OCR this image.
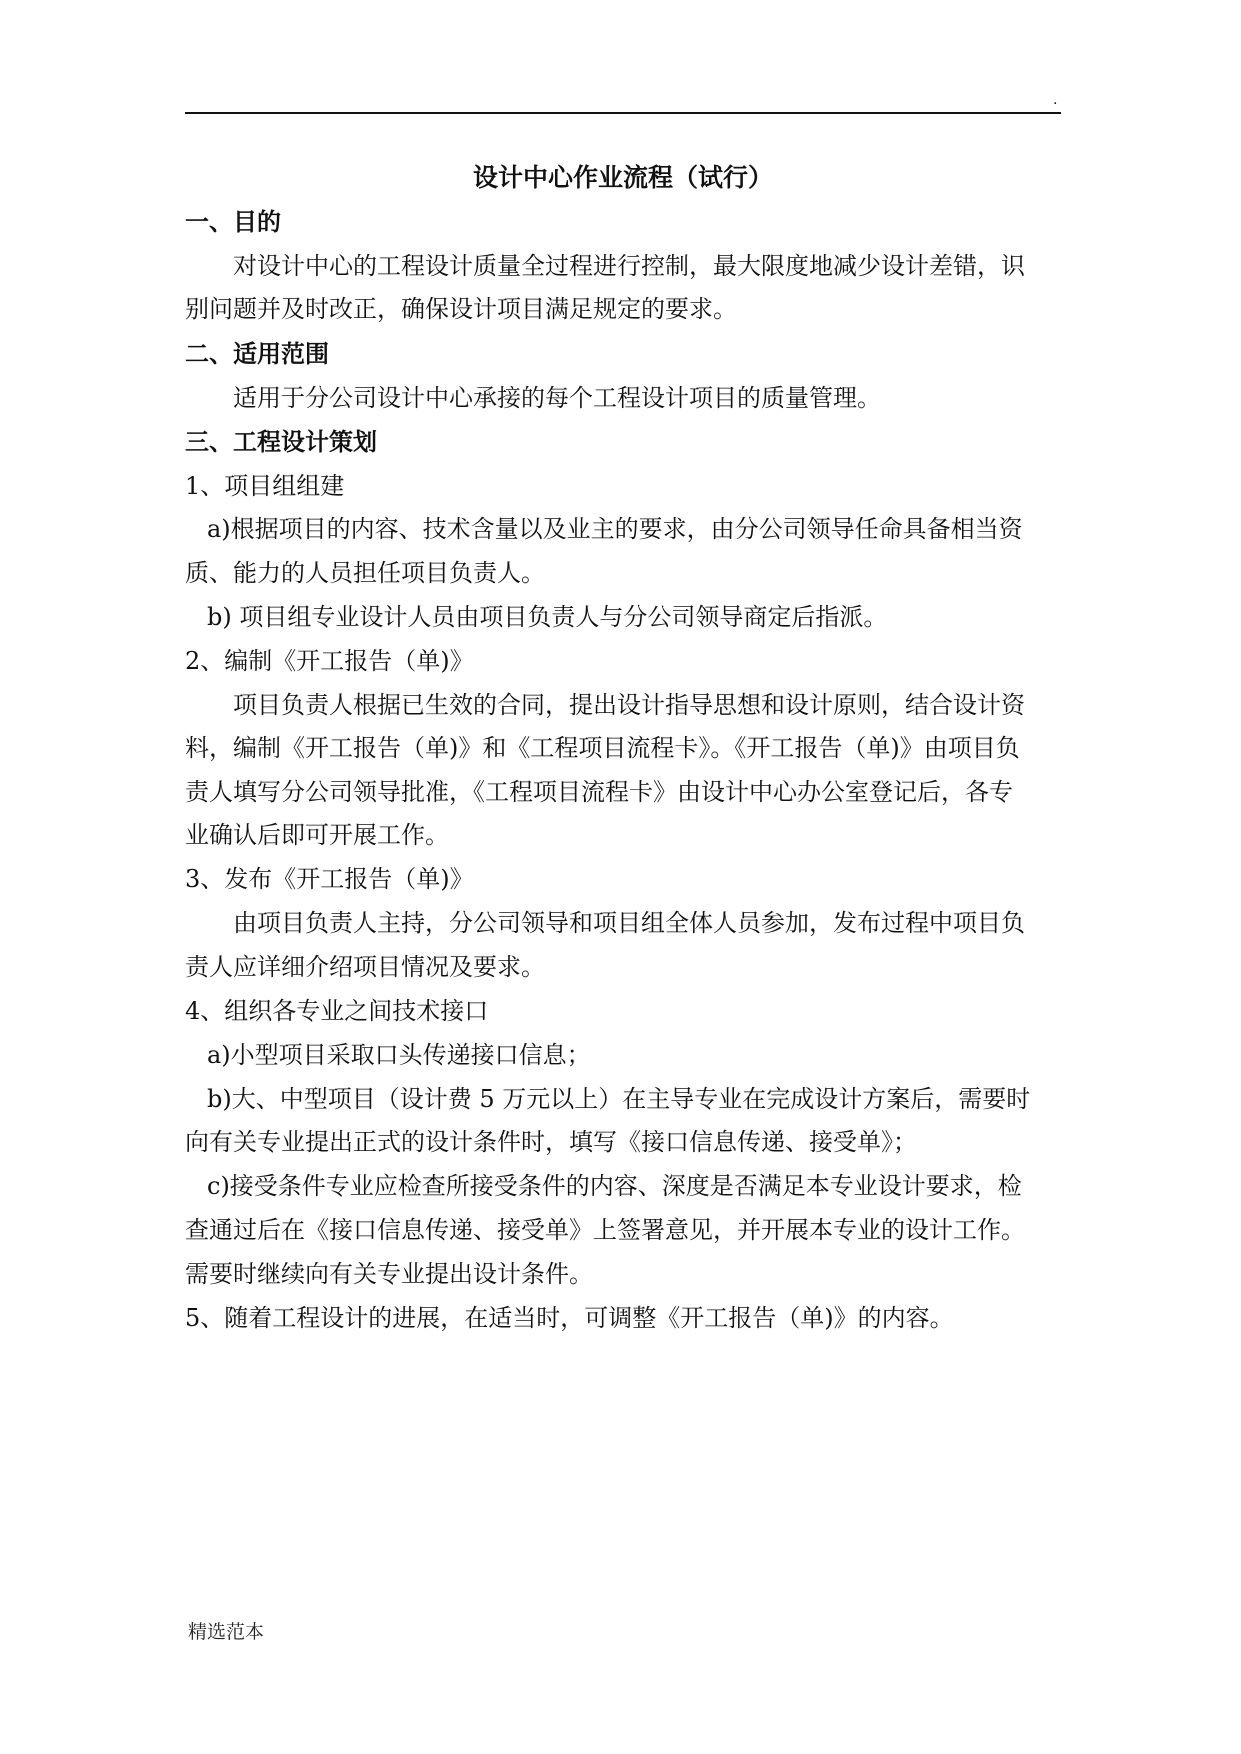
.
设计中心作业流程（试行）

一、目的

对设计中心的工程设计质量全过程进行控制，最大限度地减少设计差错，识

别问题并及时改正，确保设计项目满足规定的要求。

二、适用范围

适用于分公司设计中心承接的每个工程设计项目的质量管理。

三、工程设计策划

1、项目组组建

a)根据项目的内容、技术含量以及业主的要求，由分公司领导任命具备相当资

质、能力的人员担任项目负责人。

b) 项目组专业设计人员由项目负责人与分公司领导商定后指派。

2、编制《开工报告（单)》

项目负责人根据已生效的合同，提出设计指导思想和设计原则，结合设计资

料，编制《开工报告（单)》和《工程项目流程卡》。《开工报告（单)》由项目负

责人填写分公司领导批准，《工程项目流程卡》由设计中心办公室登记后，各专

业确认后即可开展工作。

3、发布《开工报告（单)》

由项目负责人主持，分公司领导和项目组全体人员参加，发布过程中项目负

责人应详细介绍项目情况及要求。

4、组织各专业之间技术接口

a)小型项目采取口头传递接口信息；

b)大、中型项目（设计费 5 万元以上）在主导专业在完成设计方案后，需要时

向有关专业提出正式的设计条件时，填写《接口信息传递、接受单》；

c)接受条件专业应检查所接受条件的内容、深度是否满足本专业设计要求，检

查通过后在《接口信息传递、接受单》上签署意见，并开展本专业的设计工作。

需要时继续向有关专业提出设计条件。

5、随着工程设计的进展，在适当时，可调整《开工报告（单)》的内容。

精选范本
